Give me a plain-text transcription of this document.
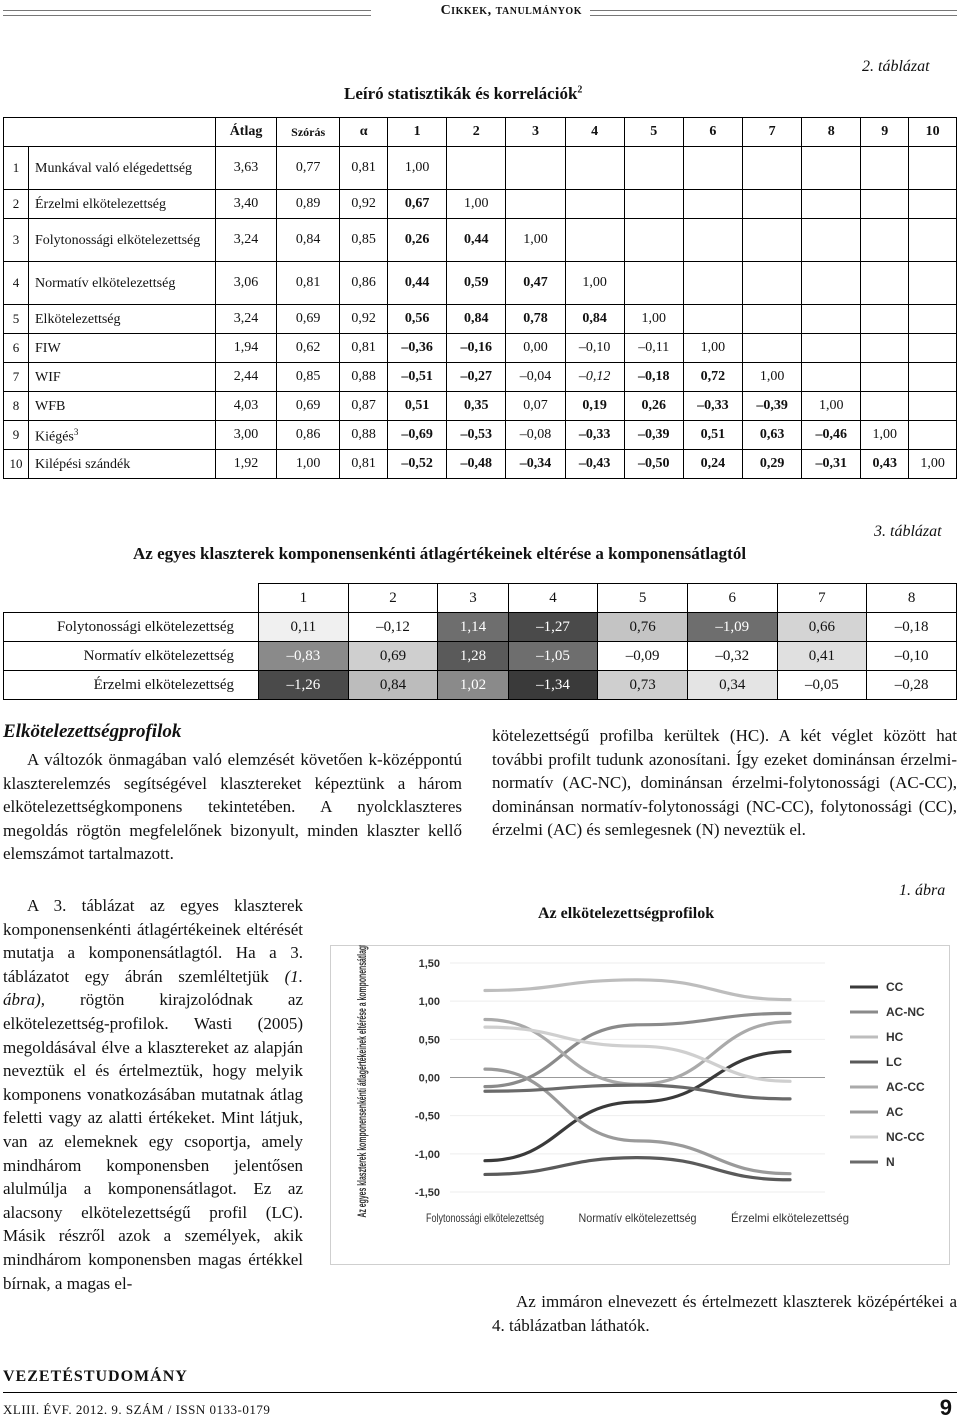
Cikkek, tanulmányok
2. táblázat
Leíró statisztikák és korrelációk$^2$
		Átlag	Szórás	α	1	2	3	4	5	6	7	8	9	10
1	Munkával való elégedettség	3,63	0,77	0,81	1,00									
2	Érzelmi elkötelezettség	3,40	0,89	0,92	0,67	1,00								
3	Folytonossági elkötelezettség	3,24	0,84	0,85	0,26	0,44	1,00							
4	Normatív elkötelezettség	3,06	0,81	0,86	0,44	0,59	0,47	1,00						
5	Elkötelezettség	3,24	0,69	0,92	0,56	0,84	0,78	0,84	1,00					
6	FIW	1,94	0,62	0,81	–0,36	–0,16	0,00	–0,10	–0,11	1,00				
7	WIF	2,44	0,85	0,88	–0,51	–0,27	–0,04	–0,12	–0,18	0,72	1,00			
8	WFB	4,03	0,69	0,87	0,51	0,35	0,07	0,19	0,26	–0,33	–0,39	1,00		
9	Kiégés$^3$	3,00	0,86	0,88	–0,69	–0,53	–0,08	–0,33	–0,39	0,51	0,63	–0,46	1,00	
10	Kilépési szándék	1,92	1,00	0,81	–0,52	–0,48	–0,34	–0,43	–0,50	0,24	0,29	–0,31	0,43	1,00
3. táblázat
Az egyes klaszterek komponensenkénti átlagértékeinek eltérése a komponensátlagtól
	1	2	3	4	5	6	7	8
Folytonossági elkötelezettség	0,11	–0,12	1,14	–1,27	0,76	–1,09	0,66	–0,18
Normatív elkötelezettség	–0,83	0,69	1,28	–1,05	–0,09	–0,32	0,41	–0,10
Érzelmi elkötelezettség	–1,26	0,84	1,02	–1,34	0,73	0,34	–0,05	–0,28
Elkötelezettségprofilok

A változók önmagában való elemzését követően k-középpontú klaszterelemzés segítségével klasztereket képeztünk a három elkötelezettségkomponens tekintetében. A nyolcklaszteres megoldás rögtön megfelelőnek bizonyult, minden klaszter kellő elemszámot tartalmazott.

A 3. táblázat az egyes klaszterek komponensenkénti átlagértékeinek eltérését mutatja a komponensátlagtól. Ha a 3. táblázatot egy ábrán szemléltetjük (1. ábra), rögtön kirajzolódnak az elkötelezettség-profilok. Wasti (2005) megoldásával élve a klasztereket az alapján neveztük el és értelmeztük, hogy melyik komponens vonatkozásában mutatnak átlag feletti vagy az alatti értékeket. Mint látjuk, van az elemeknek egy csoportja, amely mindhárom komponensben jelentősen alulmúlja a komponensátlagot. Ez az alacsony elkötelezettségű profil (LC). Másik részről azok a személyek, akik mindhárom komponensben magas értékkel bírnak, a magas el-

kötelezettségű profilba kerültek (HC). A két véglet között hat további profilt tudunk azonosítani. Így ezeket dominánsan érzelmi-normatív (AC-NC), dominánsan érzelmi-folytonossági (AC-CC), dominánsan normatív-folytonossági (NC-CC), folytonossági (CC), érzelmi (AC) és semlegesnek (N) neveztük el.

1. ábra
Az elkötelezettségprofilok

Az immáron elnevezett és értelmezett klaszterek középértékei a 4. táblázatban láthatók.

1,50
1,00
0,50
0,00
-0,50
-1,00
-1,50
Az egyes klaszterek komponensenkénti átlagértékeinek eltérése a komponensátlagtól
Folytonossági elkötelezettség	Normatív elkötelezettség	Érzelmi elkötelezettség
CC
AC-NC
HC
LC
AC-CC
AC
NC-CC
N
VEZETÉSTUDOMÁNY
XLIII. ÉVF. 2012. 9. SZÁM / ISSN 0133-0179	9
